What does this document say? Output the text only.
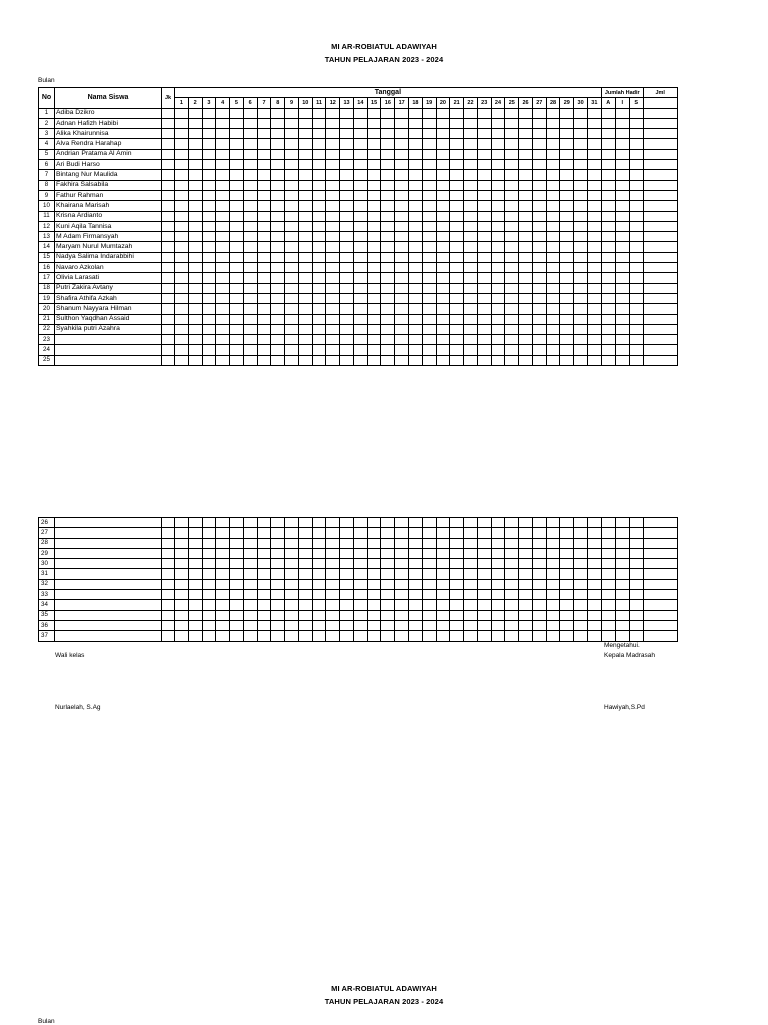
MI AR-ROBIATUL ADAWIYAH
TAHUN PELAJARAN 2023 - 2024
Bulan
No	Nama Siswa	Jk	Tanggal																															Jumlah Hadir			Jml
			1	2	3	4	5	6	7	8	9	10	11	12	13	14	15	16	17	18	19	20	21	22	23	24	25	26	27	28	29	30	31	A	I	S	
1	Adiba Dzikro																																				
2	Adnan Hafizh Habibi																																				
3	Alika Khairunnisa																																				
4	Alva Rendra Harahap																																				
5	Andrian Pratama Al Amin																																				
6	Ari Budi Harso																																				
7	Bintang Nur Maulida																																				
8	Fakhira Salsabila																																				
9	Fathur Rahman																																				
10	Khairana Marisah																																				
11	Krisna Ardianto																																				
12	Kuni Aqila Tannisa																																				
13	M Adam Firmansyah																																				
14	Maryam Nurul Mumtazah																																				
15	Nadya Salima Indarabbihi																																				
16	Navaro Azkolan																																				
17	Olivia Larasati																																				
18	Putri Zakira Avtany																																				
19	Shafira Athifa Azkah																																				
20	Shanum Nayyara Hilman																																				
21	Sulthon Yaqdhan Assaid																																				
22	Syahkila putri Azahra																																				
23																																					
24																																					
25																																					
26																																					
27																																					
28																																					
29																																					
30																																					
31																																					
32																																					
33																																					
34																																					
35																																					
36																																					
37																																					
Mengetahui.
Kepala Madrasah
Wali kelas
Nurlaelah, S.Ag	Hawiyah,S.Pd
MI AR-ROBIATUL ADAWIYAH
TAHUN PELAJARAN 2023 - 2024
Bulan
